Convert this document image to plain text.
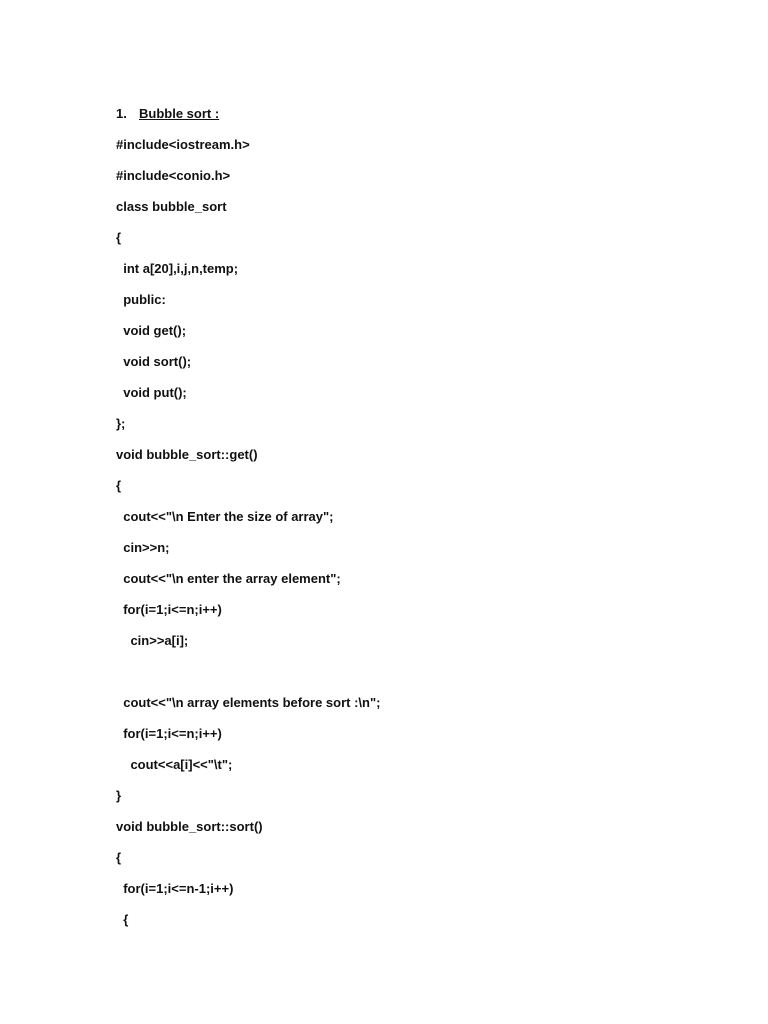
1. Bubble sort :
#include<iostream.h>
#include<conio.h>
class bubble_sort
{
int a[20],i,j,n,temp;
public:
void get();
void sort();
void put();
};
void bubble_sort::get()
{
cout<<"\n Enter the size of array";
cin>>n;
cout<<"\n enter the array element";
for(i=1;i<=n;i++)
cin>>a[i];
cout<<"\n array elements before sort :\n";
for(i=1;i<=n;i++)
cout<<a[i]<<"\t";
}
void bubble_sort::sort()
{
for(i=1;i<=n-1;i++)
{
